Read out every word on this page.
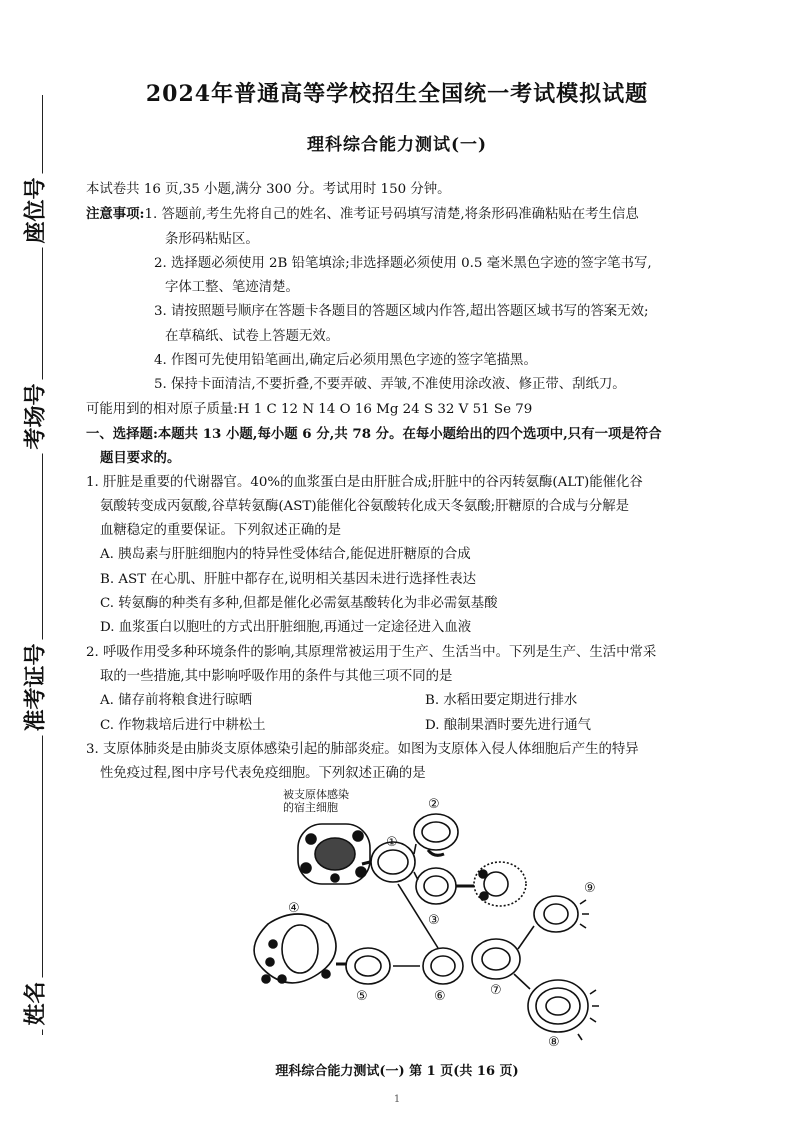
座位号
考场号
准考证号
姓名
2024年普通高等学校招生全国统一考试模拟试题
理科综合能力测试(一)

本试卷共 16 页,35 小题,满分 300 分。考试用时 150 分钟。

注意事项:1. 答题前,考生先将自己的姓名、准考证号码填写清楚,将条形码准确粘贴在考生信息

条形码粘贴区。

2. 选择题必须使用 2B 铅笔填涂;非选择题必须使用 0.5 毫米黑色字迹的签字笔书写,

字体工整、笔迹清楚。

3. 请按照题号顺序在答题卡各题目的答题区域内作答,超出答题区域书写的答案无效;

在草稿纸、试卷上答题无效。

4. 作图可先使用铅笔画出,确定后必须用黑色字迹的签字笔描黑。

5. 保持卡面清洁,不要折叠,不要弄破、弄皱,不准使用涂改液、修正带、刮纸刀。

可能用到的相对原子质量:H 1 C 12 N 14 O 16 Mg 24 S 32 V 51 Se 79

一、选择题:本题共 13 小题,每小题 6 分,共 78 分。在每小题给出的四个选项中,只有一项是符合

题目要求的。

1. 肝脏是重要的代谢器官。40%的血浆蛋白是由肝脏合成;肝脏中的谷丙转氨酶(ALT)能催化谷

氨酸转变成丙氨酸,谷草转氨酶(AST)能催化谷氨酸转化成天冬氨酸;肝糖原的合成与分解是

血糖稳定的重要保证。下列叙述正确的是

A. 胰岛素与肝脏细胞内的特异性受体结合,能促进肝糖原的合成

B. AST 在心肌、肝脏中都存在,说明相关基因未进行选择性表达

C. 转氨酶的种类有多种,但都是催化必需氨基酸转化为非必需氨基酸

D. 血浆蛋白以胞吐的方式出肝脏细胞,再通过一定途径进入血液

2. 呼吸作用受多种环境条件的影响,其原理常被运用于生产、生活当中。下列是生产、生活中常采

取的一些措施,其中影响呼吸作用的条件与其他三项不同的是

A. 储存前将粮食进行晾晒	B. 水稻田要定期进行排水
C. 作物栽培后进行中耕松土	D. 酿制果酒时要先进行通气

3. 支原体肺炎是由肺炎支原体感染引起的肺部炎症。如图为支原体入侵人体细胞后产生的特异

性免疫过程,图中序号代表免疫细胞。下列叙述正确的是

被支原体感染
的宿主细胞
①
②
③
④
⑤	⑥	⑦
⑧
⑨
理科综合能力测试(一) 第 1 页(共 16 页)
1
